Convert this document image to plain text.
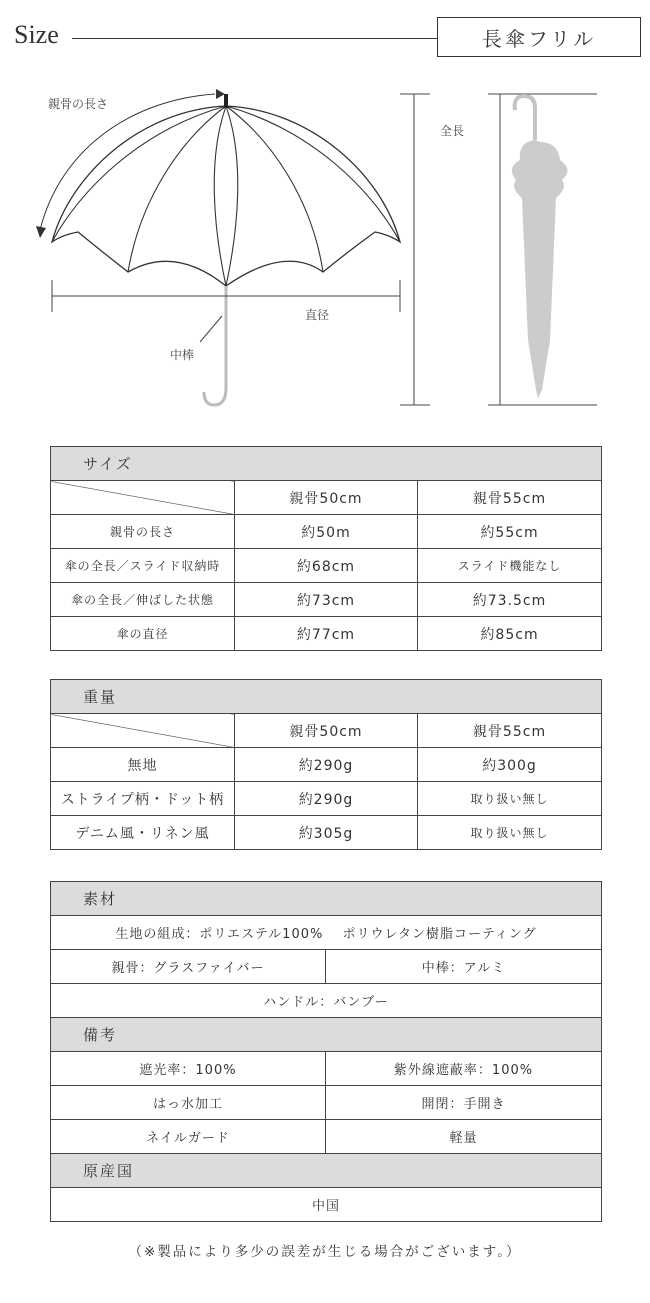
Size	長傘フリル
親骨の長さ
全長
直径
中棒
サイズ		
	親骨50cm	親骨55cm
親骨の長さ	約50m	約55cm
傘の全長／スライド収納時	約68cm	スライド機能なし
傘の全長／伸ばした状態	約73cm	約73.5cm
傘の直径	約77cm	約85cm
重量		
	親骨50cm	親骨55cm
無地	約290g	約300g
ストライプ柄・ドット柄	約290g	取り扱い無し
デニム風・リネン風	約305g	取り扱い無し
素材	
生地の組成：ポリエステル100%　 ポリウレタン樹脂コーティング	
親骨：グラスファイバー	中棒：アルミ
ハンドル：バンブー	
備考	
遮光率：100%	紫外線遮蔽率：100%
はっ水加工	開閉：手開き
ネイルガード	軽量
原産国	
中国	
（※製品により多少の誤差が生じる場合がございます。）
